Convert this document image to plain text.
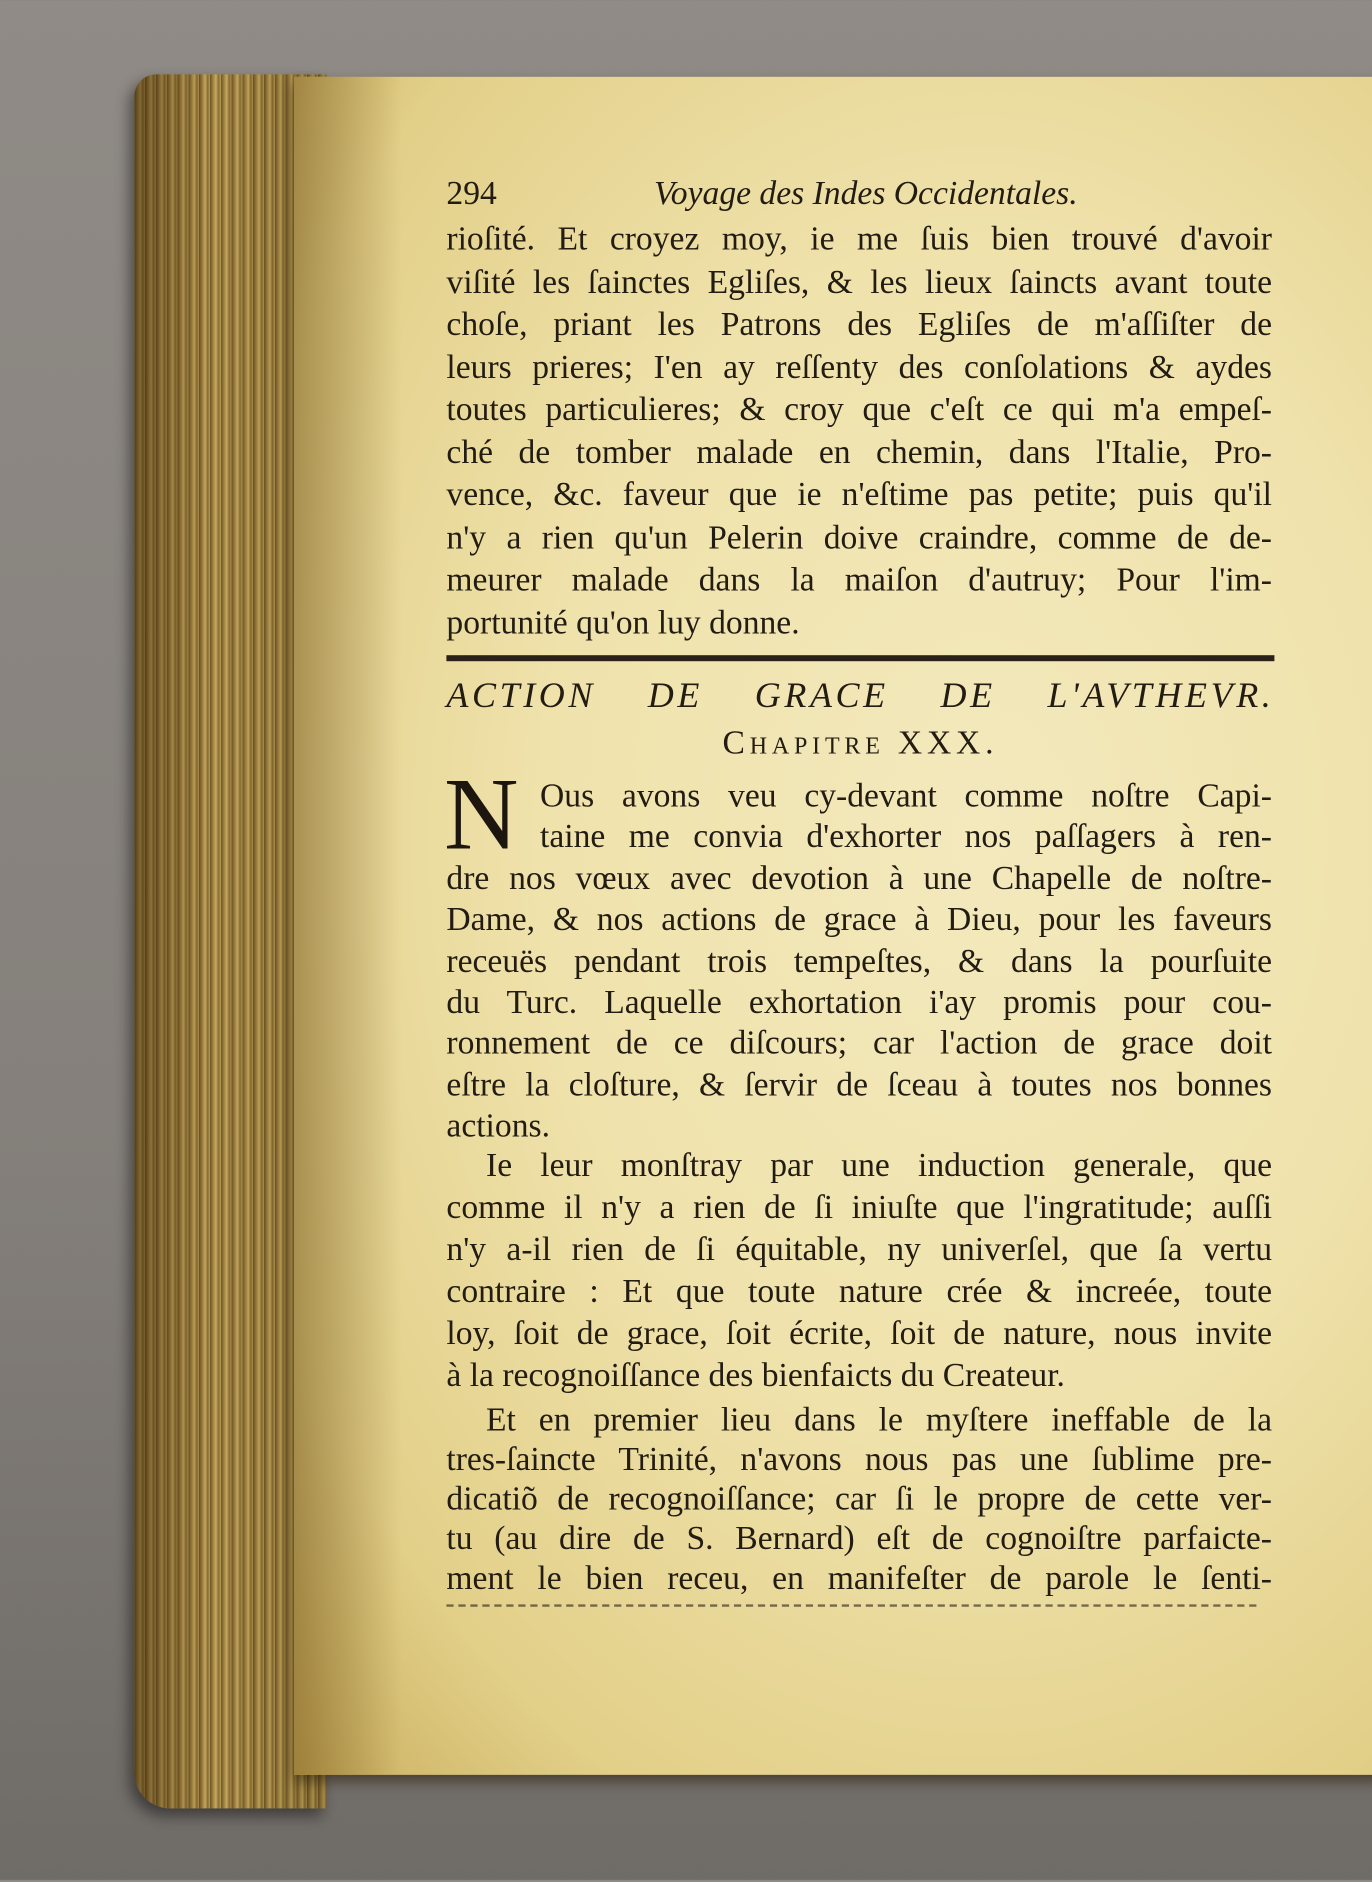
294	Voyage des Indes Occidentales.
rioſité. Et croyez moy, ie me ſuis bien trouvé d'avoir
viſité les ſainctes Egliſes, & les lieux ſaincts avant toute
choſe, priant les Patrons des Egliſes de m'aſſiſter de
leurs prieres; I'en ay reſſenty des conſolations & aydes
toutes particulieres; & croy que c'eſt ce qui m'a empeſ-
ché de tomber malade en chemin, dans l'Italie, Pro-
vence, &c. faveur que ie n'eſtime pas petite; puis qu'il
n'y a rien qu'un Pelerin doive craindre, comme de de-
meurer malade dans la maiſon d'autruy; Pour l'im-
portunité qu'on luy donne.
ACTION DE GRACE DE L'AVTHEVR.
Chapitre XXX.
N Ous avons veu cy-devant comme noſtre Capi-
taine me convia d'exhorter nos paſſagers à ren-
dre nos vœux avec devotion à une Chapelle de noſtre-
Dame, & nos actions de grace à Dieu, pour les faveurs
receuës pendant trois tempeſtes, & dans la pourſuite
du Turc. Laquelle exhortation i'ay promis pour cou-
ronnement de ce diſcours; car l'action de grace doit
eſtre la cloſture, & ſervir de ſceau à toutes nos bonnes
actions.
Ie leur monſtray par une induction generale, que
comme il n'y a rien de ſi iniuſte que l'ingratitude; auſſi
n'y a-il rien de ſi équitable, ny univerſel, que ſa vertu
contraire : Et que toute nature crée & increée, toute
loy, ſoit de grace, ſoit écrite, ſoit de nature, nous invite
à la recognoiſſance des bienfaicts du Createur.
Et en premier lieu dans le myſtere ineffable de la
tres-ſaincte Trinité, n'avons nous pas une ſublime pre-
dicatiõ de recognoiſſance; car ſi le propre de cette ver-
tu (au dire de S. Bernard) eſt de cognoiſtre parfaicte-
ment le bien receu, en manifeſter de parole le ſenti-
